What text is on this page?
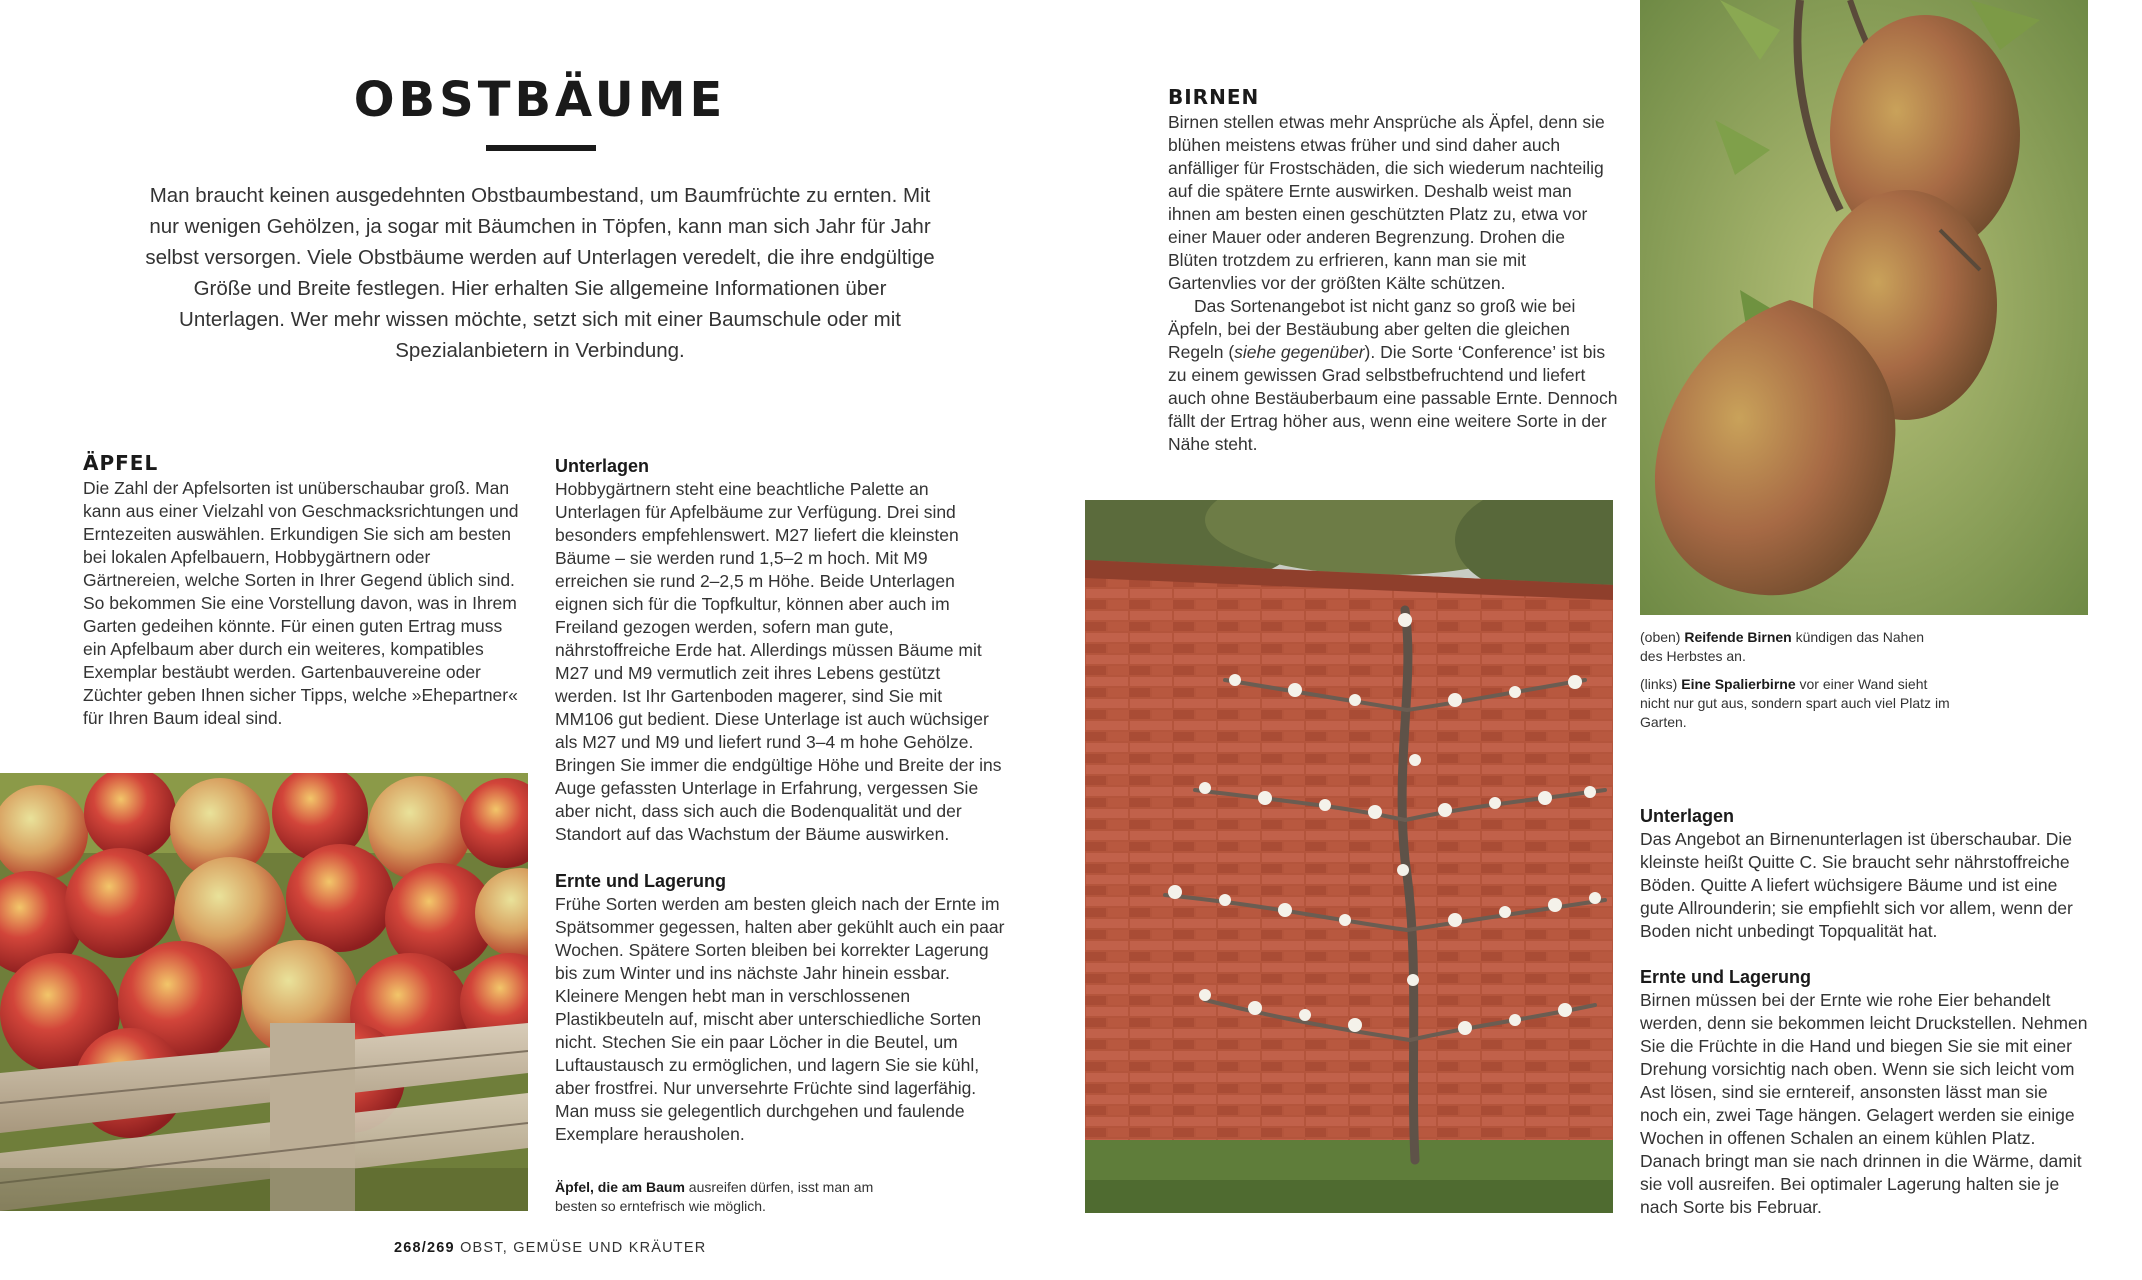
OBSTBÄUME
Man braucht keinen ausgedehnten Obstbaumbestand, um Baumfrüchte zu ernten. Mit nur wenigen Gehölzen, ja sogar mit Bäumchen in Töpfen, kann man sich Jahr für Jahr selbst versorgen. Viele Obstbäume werden auf Unterlagen veredelt, die ihre endgültige Größe und Breite festlegen. Hier erhalten Sie allgemeine Informationen über Unterlagen. Wer mehr wissen möchte, setzt sich mit einer Baumschule oder mit Spezialanbietern in Verbindung.
ÄPFEL

Die Zahl der Apfelsorten ist unüberschaubar groß. Man kann aus einer Vielzahl von Geschmacksrichtungen und Erntezeiten auswählen. Erkundigen Sie sich am besten bei lokalen Apfelbauern, Hobbygärtnern oder Gärtnereien, welche Sorten in Ihrer Gegend üblich sind. So bekommen Sie eine Vorstellung davon, was in Ihrem Garten gedeihen könnte. Für einen guten Ertrag muss ein Apfelbaum aber durch ein weiteres, kompatibles Exemplar bestäubt werden. Gartenbauvereine oder Züchter geben Ihnen sicher Tipps, welche »Ehepartner« für Ihren Baum ideal sind.

Unterlagen

Hobbygärtnern steht eine beachtliche Palette an Unterlagen für Apfelbäume zur Verfügung. Drei sind besonders empfehlenswert. M27 liefert die kleinsten Bäume – sie werden rund 1,5–2 m hoch. Mit M9 erreichen sie rund 2–2,5 m Höhe. Beide Unterlagen eignen sich für die Topfkultur, können aber auch im Freiland gezogen werden, sofern man gute, nährstoffreiche Erde hat. Allerdings müssen Bäume mit M27 und M9 vermutlich zeit ihres Lebens gestützt werden. Ist Ihr Gartenboden magerer, sind Sie mit MM106 gut bedient. Diese Unterlage ist auch wüchsiger als M27 und M9 und liefert rund 3–4 m hohe Gehölze. Bringen Sie immer die endgültige Höhe und Breite der ins Auge gefassten Unterlage in Erfahrung, vergessen Sie aber nicht, dass sich auch die Bodenqualität und der Standort auf das Wachstum der Bäume auswirken.

Ernte und Lagerung

Frühe Sorten werden am besten gleich nach der Ernte im Spätsommer gegessen, halten aber gekühlt auch ein paar Wochen. Spätere Sorten bleiben bei korrekter Lagerung bis zum Winter und ins nächste Jahr hinein essbar. Kleinere Mengen hebt man in verschlossenen Plastikbeuteln auf, mischt aber unterschiedliche Sorten nicht. Stechen Sie ein paar Löcher in die Beutel, um Luftaustausch zu ermöglichen, und lagern Sie sie kühl, aber frostfrei. Nur unversehrte Früchte sind lagerfähig. Man muss sie gelegentlich durchgehen und faulende Exemplare herausholen.

Äpfel, die am Baum ausreifen dürfen, isst man am besten so erntefrisch wie möglich.
BIRNEN

Birnen stellen etwas mehr Ansprüche als Äpfel, denn sie blühen meistens etwas früher und sind daher auch anfälliger für Frostschäden, die sich wiederum nachteilig auf die spätere Ernte auswirken. Deshalb weist man ihnen am besten einen geschützten Platz zu, etwa vor einer Mauer oder anderen Begrenzung. Drohen die Blüten trotzdem zu erfrieren, kann man sie mit Gartenvlies vor der größten Kälte schützen.

Das Sortenangebot ist nicht ganz so groß wie bei Äpfeln, bei der Bestäubung aber gelten die gleichen Regeln (siehe gegenüber). Die Sorte ‘Conference’ ist bis zu einem gewissen Grad selbstbefruchtend und liefert auch ohne Bestäuberbaum eine passable Ernte. Dennoch fällt der Ertrag höher aus, wenn eine weitere Sorte in der Nähe steht.

(oben) Reifende Birnen kündigen das Nahen des Herbstes an.
(links) Eine Spalierbirne vor einer Wand sieht nicht nur gut aus, sondern spart auch viel Platz im Garten.
Unterlagen

Das Angebot an Birnenunterlagen ist überschaubar. Die kleinste heißt Quitte C. Sie braucht sehr nährstoffreiche Böden. Quitte A liefert wüchsigere Bäume und ist eine gute Allrounderin; sie empfiehlt sich vor allem, wenn der Boden nicht unbedingt Topqualität hat.

Ernte und Lagerung

Birnen müssen bei der Ernte wie rohe Eier behandelt werden, denn sie bekommen leicht Druckstellen. Nehmen Sie die Früchte in die Hand und biegen Sie sie mit einer Drehung vorsichtig nach oben. Wenn sie sich leicht vom Ast lösen, sind sie erntereif, ansonsten lässt man sie noch ein, zwei Tage hängen. Gelagert werden sie einige Wochen in offenen Schalen an einem kühlen Platz. Danach bringt man sie nach drinnen in die Wärme, damit sie voll ausreifen. Bei optimaler Lagerung halten sie je nach Sorte bis Februar.

268/269 OBST, GEMÜSE UND KRÄUTER
